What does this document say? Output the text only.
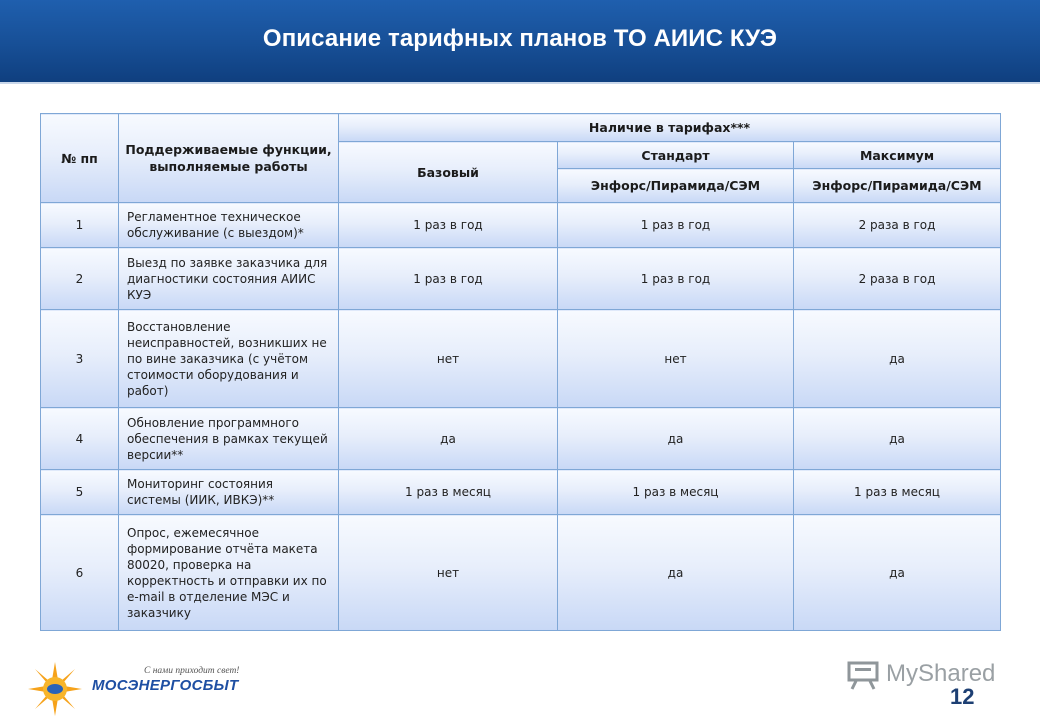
Описание тарифных планов ТО АИИС КУЭ
№ пп	Поддерживаемые функции, выполняемые работы	Наличие в тарифах***		
		Базовый	Стандарт	Максимум
			Энфорс/Пирамида/СЭМ	Энфорс/Пирамида/СЭМ
1	Регламентное техническое обслуживание (с выездом)*	1 раз в год	1 раз в год	2 раза в год
2	Выезд по заявке заказчика для диагностики состояния АИИС КУЭ	1 раз в год	1 раз в год	2 раза в год
3	Восстановление неисправностей, возникших не по вине заказчика (с учётом стоимости оборудования и работ)	нет	нет	да
4	Обновление программного обеспечения в рамках текущей версии**	да	да	да
5	Мониторинг состояния системы (ИИК, ИВКЭ)**	1 раз в месяц	1 раз в месяц	1 раз в месяц
6	Опрос, ежемесячное формирование отчёта макета 80020, проверка на корректность и отправки их по e-mail в отделение МЭС и заказчику	нет	да	да
С нами приходит свет!
МОСЭНЕРГОСБЫТ	MyShared
12
